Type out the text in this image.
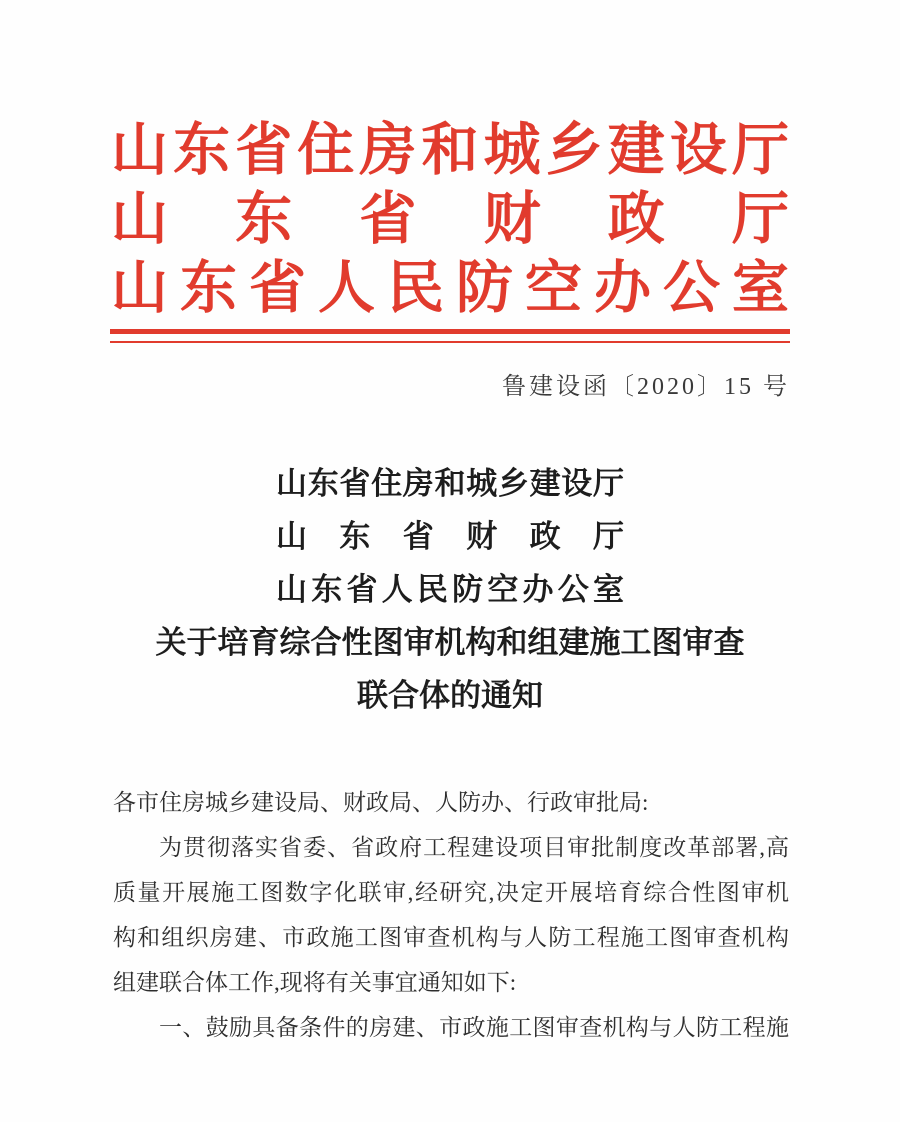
山东省住房和城乡建设厅
山东省财政厅
山东省人民防空办公室
鲁建设函〔2020〕15 号
山东省住房和城乡建设厅
山东省财政厅
山东省人民防空办公室
关于培育综合性图审机构和组建施工图审查
联合体的通知
各市住房城乡建设局、财政局、人防办、行政审批局:
为贯彻落实省委、省政府工程建设项目审批制度改革部署,高
质量开展施工图数字化联审,经研究,决定开展培育综合性图审机
构和组织房建、市政施工图审查机构与人防工程施工图审查机构
组建联合体工作,现将有关事宜通知如下:
一、鼓励具备条件的房建、市政施工图审查机构与人防工程施
